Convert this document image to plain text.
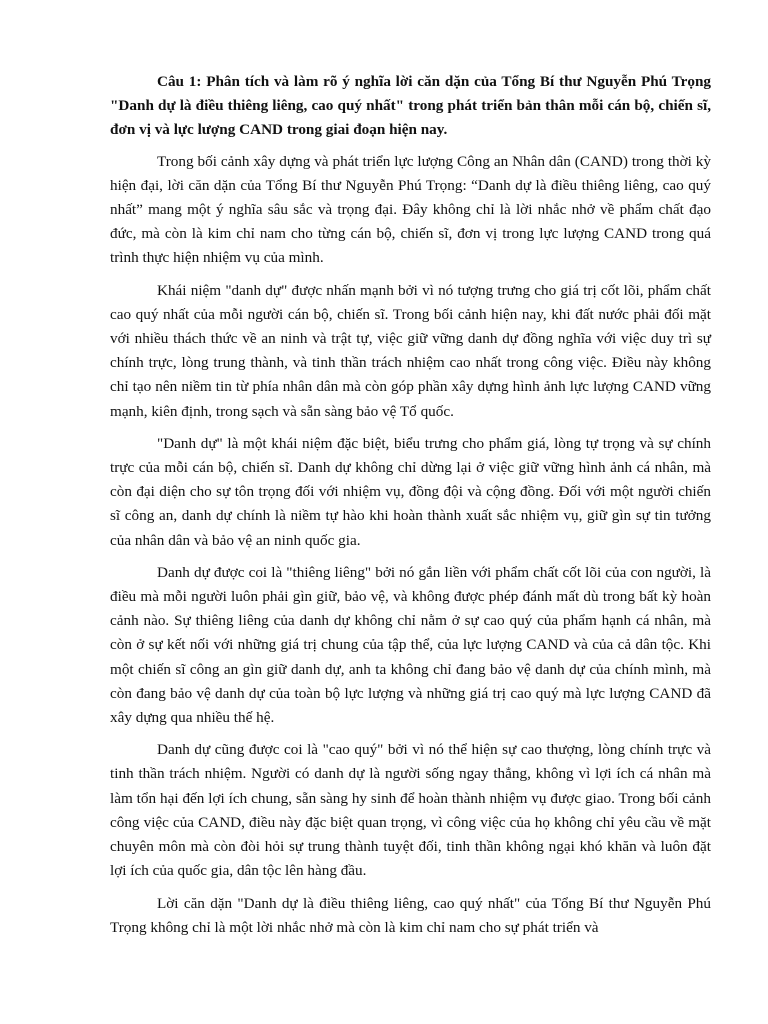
Câu 1: Phân tích và làm rõ ý nghĩa lời căn dặn của Tổng Bí thư Nguyễn Phú Trọng "Danh dự là điều thiêng liêng, cao quý nhất" trong phát triển bản thân mỗi cán bộ, chiến sĩ, đơn vị và lực lượng CAND trong giai đoạn hiện nay.

Trong bối cảnh xây dựng và phát triển lực lượng Công an Nhân dân (CAND) trong thời kỳ hiện đại, lời căn dặn của Tổng Bí thư Nguyễn Phú Trọng: “Danh dự là điều thiêng liêng, cao quý nhất” mang một ý nghĩa sâu sắc và trọng đại. Đây không chỉ là lời nhắc nhở về phẩm chất đạo đức, mà còn là kim chỉ nam cho từng cán bộ, chiến sĩ, đơn vị trong lực lượng CAND trong quá trình thực hiện nhiệm vụ của mình.

Khái niệm "danh dự" được nhấn mạnh bởi vì nó tượng trưng cho giá trị cốt lõi, phẩm chất cao quý nhất của mỗi người cán bộ, chiến sĩ. Trong bối cảnh hiện nay, khi đất nước phải đối mặt với nhiều thách thức về an ninh và trật tự, việc giữ vững danh dự đồng nghĩa với việc duy trì sự chính trực, lòng trung thành, và tinh thần trách nhiệm cao nhất trong công việc. Điều này không chỉ tạo nên niềm tin từ phía nhân dân mà còn góp phần xây dựng hình ảnh lực lượng CAND vững mạnh, kiên định, trong sạch và sẵn sàng bảo vệ Tổ quốc.

"Danh dự" là một khái niệm đặc biệt, biểu trưng cho phẩm giá, lòng tự trọng và sự chính trực của mỗi cán bộ, chiến sĩ. Danh dự không chỉ dừng lại ở việc giữ vững hình ảnh cá nhân, mà còn đại diện cho sự tôn trọng đối với nhiệm vụ, đồng đội và cộng đồng. Đối với một người chiến sĩ công an, danh dự chính là niềm tự hào khi hoàn thành xuất sắc nhiệm vụ, giữ gìn sự tin tưởng của nhân dân và bảo vệ an ninh quốc gia.

Danh dự được coi là "thiêng liêng" bởi nó gắn liền với phẩm chất cốt lõi của con người, là điều mà mỗi người luôn phải gìn giữ, bảo vệ, và không được phép đánh mất dù trong bất kỳ hoàn cảnh nào. Sự thiêng liêng của danh dự không chỉ nằm ở sự cao quý của phẩm hạnh cá nhân, mà còn ở sự kết nối với những giá trị chung của tập thể, của lực lượng CAND và của cả dân tộc. Khi một chiến sĩ công an gìn giữ danh dự, anh ta không chỉ đang bảo vệ danh dự của chính mình, mà còn đang bảo vệ danh dự của toàn bộ lực lượng và những giá trị cao quý mà lực lượng CAND đã xây dựng qua nhiều thế hệ.

Danh dự cũng được coi là "cao quý" bởi vì nó thể hiện sự cao thượng, lòng chính trực và tinh thần trách nhiệm. Người có danh dự là người sống ngay thẳng, không vì lợi ích cá nhân mà làm tổn hại đến lợi ích chung, sẵn sàng hy sinh để hoàn thành nhiệm vụ được giao. Trong bối cảnh công việc của CAND, điều này đặc biệt quan trọng, vì công việc của họ không chỉ yêu cầu về mặt chuyên môn mà còn đòi hỏi sự trung thành tuyệt đối, tinh thần không ngại khó khăn và luôn đặt lợi ích của quốc gia, dân tộc lên hàng đầu.

Lời căn dặn "Danh dự là điều thiêng liêng, cao quý nhất" của Tổng Bí thư Nguyễn Phú Trọng không chỉ là một lời nhắc nhở mà còn là kim chỉ nam cho sự phát triển và
